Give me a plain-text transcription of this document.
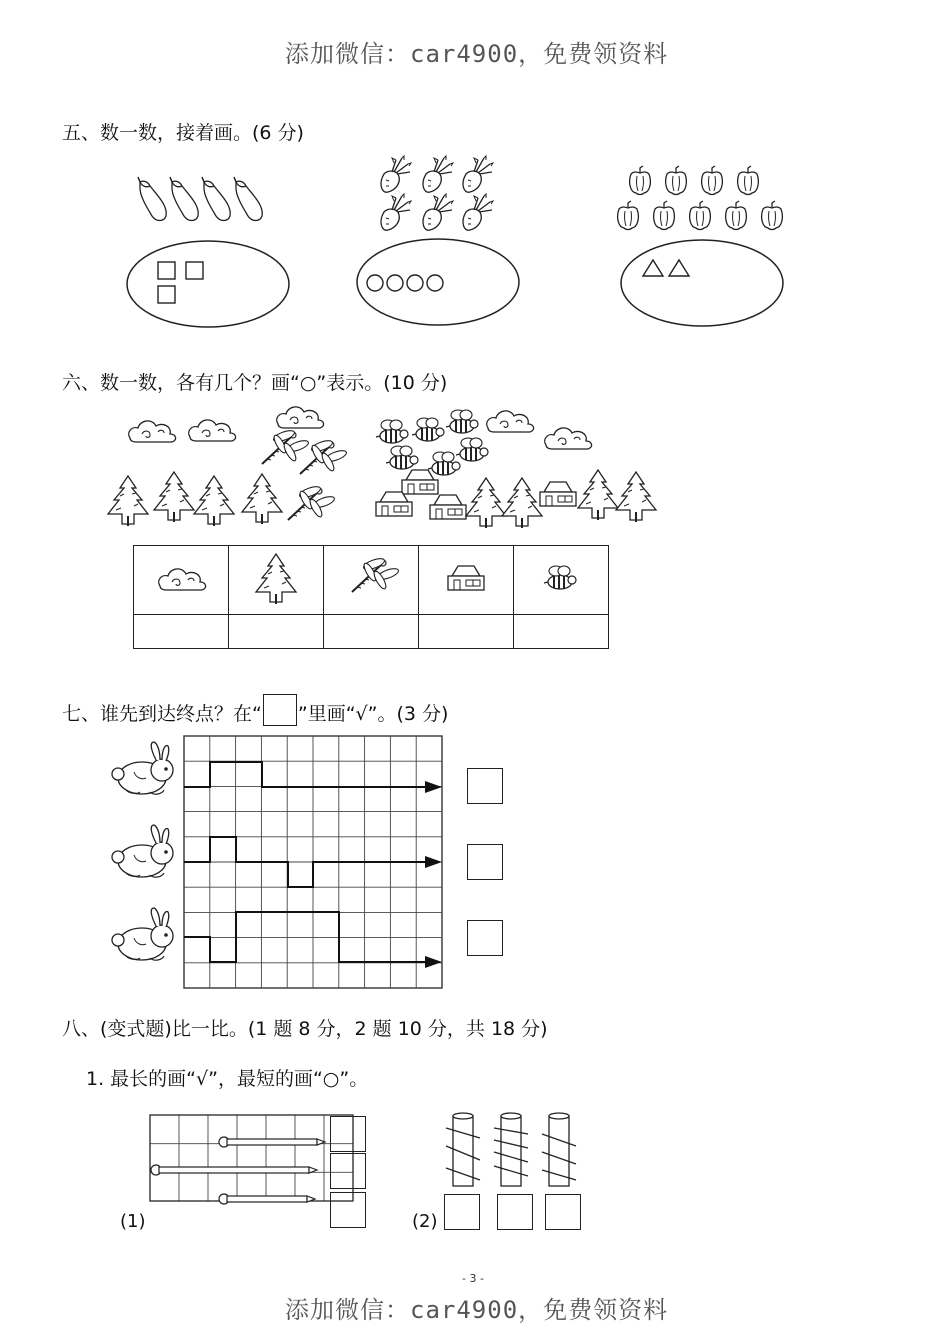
添加微信：car4900，免费领资料
添加微信：car4900，免费领资料
五、数一数，接着画。(6 分)
六、数一数，各有几个？画“○”表示。(10 分)

七、谁先到达终点？在“ ”里画“√”。(3 分)
八、(变式题)比一比。(1 题 8 分，2 题 10 分，共 18 分)
1. 最长的画“√”，最短的画“○”。
(1)	(2)
- 3 -
